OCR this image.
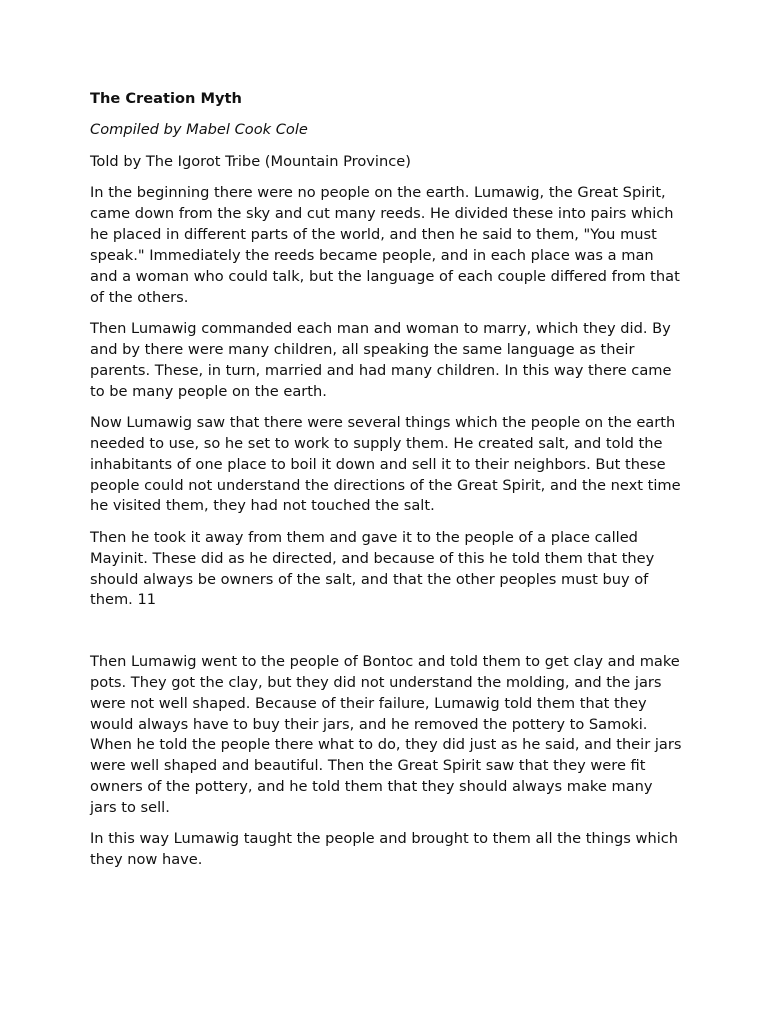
The Creation Myth

Compiled by Mabel Cook Cole

Told by The Igorot Tribe (Mountain Province)

In the beginning there were no people on the earth. Lumawig, the Great Spirit, came down from the sky and cut many reeds. He divided these into pairs which he placed in different parts of the world, and then he said to them, "You must speak." Immediately the reeds became people, and in each place was a man and a woman who could talk, but the language of each couple differed from that of the others.

Then Lumawig commanded each man and woman to marry, which they did. By and by there were many children, all speaking the same language as their parents. These, in turn, married and had many children. In this way there came to be many people on the earth.

Now Lumawig saw that there were several things which the people on the earth needed to use, so he set to work to supply them. He created salt, and told the inhabitants of one place to boil it down and sell it to their neighbors. But these people could not understand the directions of the Great Spirit, and the next time he visited them, they had not touched the salt.

Then he took it away from them and gave it to the people of a place called Mayinit. These did as he directed, and because of this he told them that they should always be owners of the salt, and that the other peoples must buy of them. 11

Then Lumawig went to the people of Bontoc and told them to get clay and make pots. They got the clay, but they did not understand the molding, and the jars were not well shaped. Because of their failure, Lumawig told them that they would always have to buy their jars, and he removed the pottery to Samoki. When he told the people there what to do, they did just as he said, and their jars were well shaped and beautiful. Then the Great Spirit saw that they were fit owners of the pottery, and he told them that they should always make many jars to sell.

In this way Lumawig taught the people and brought to them all the things which they now have.
